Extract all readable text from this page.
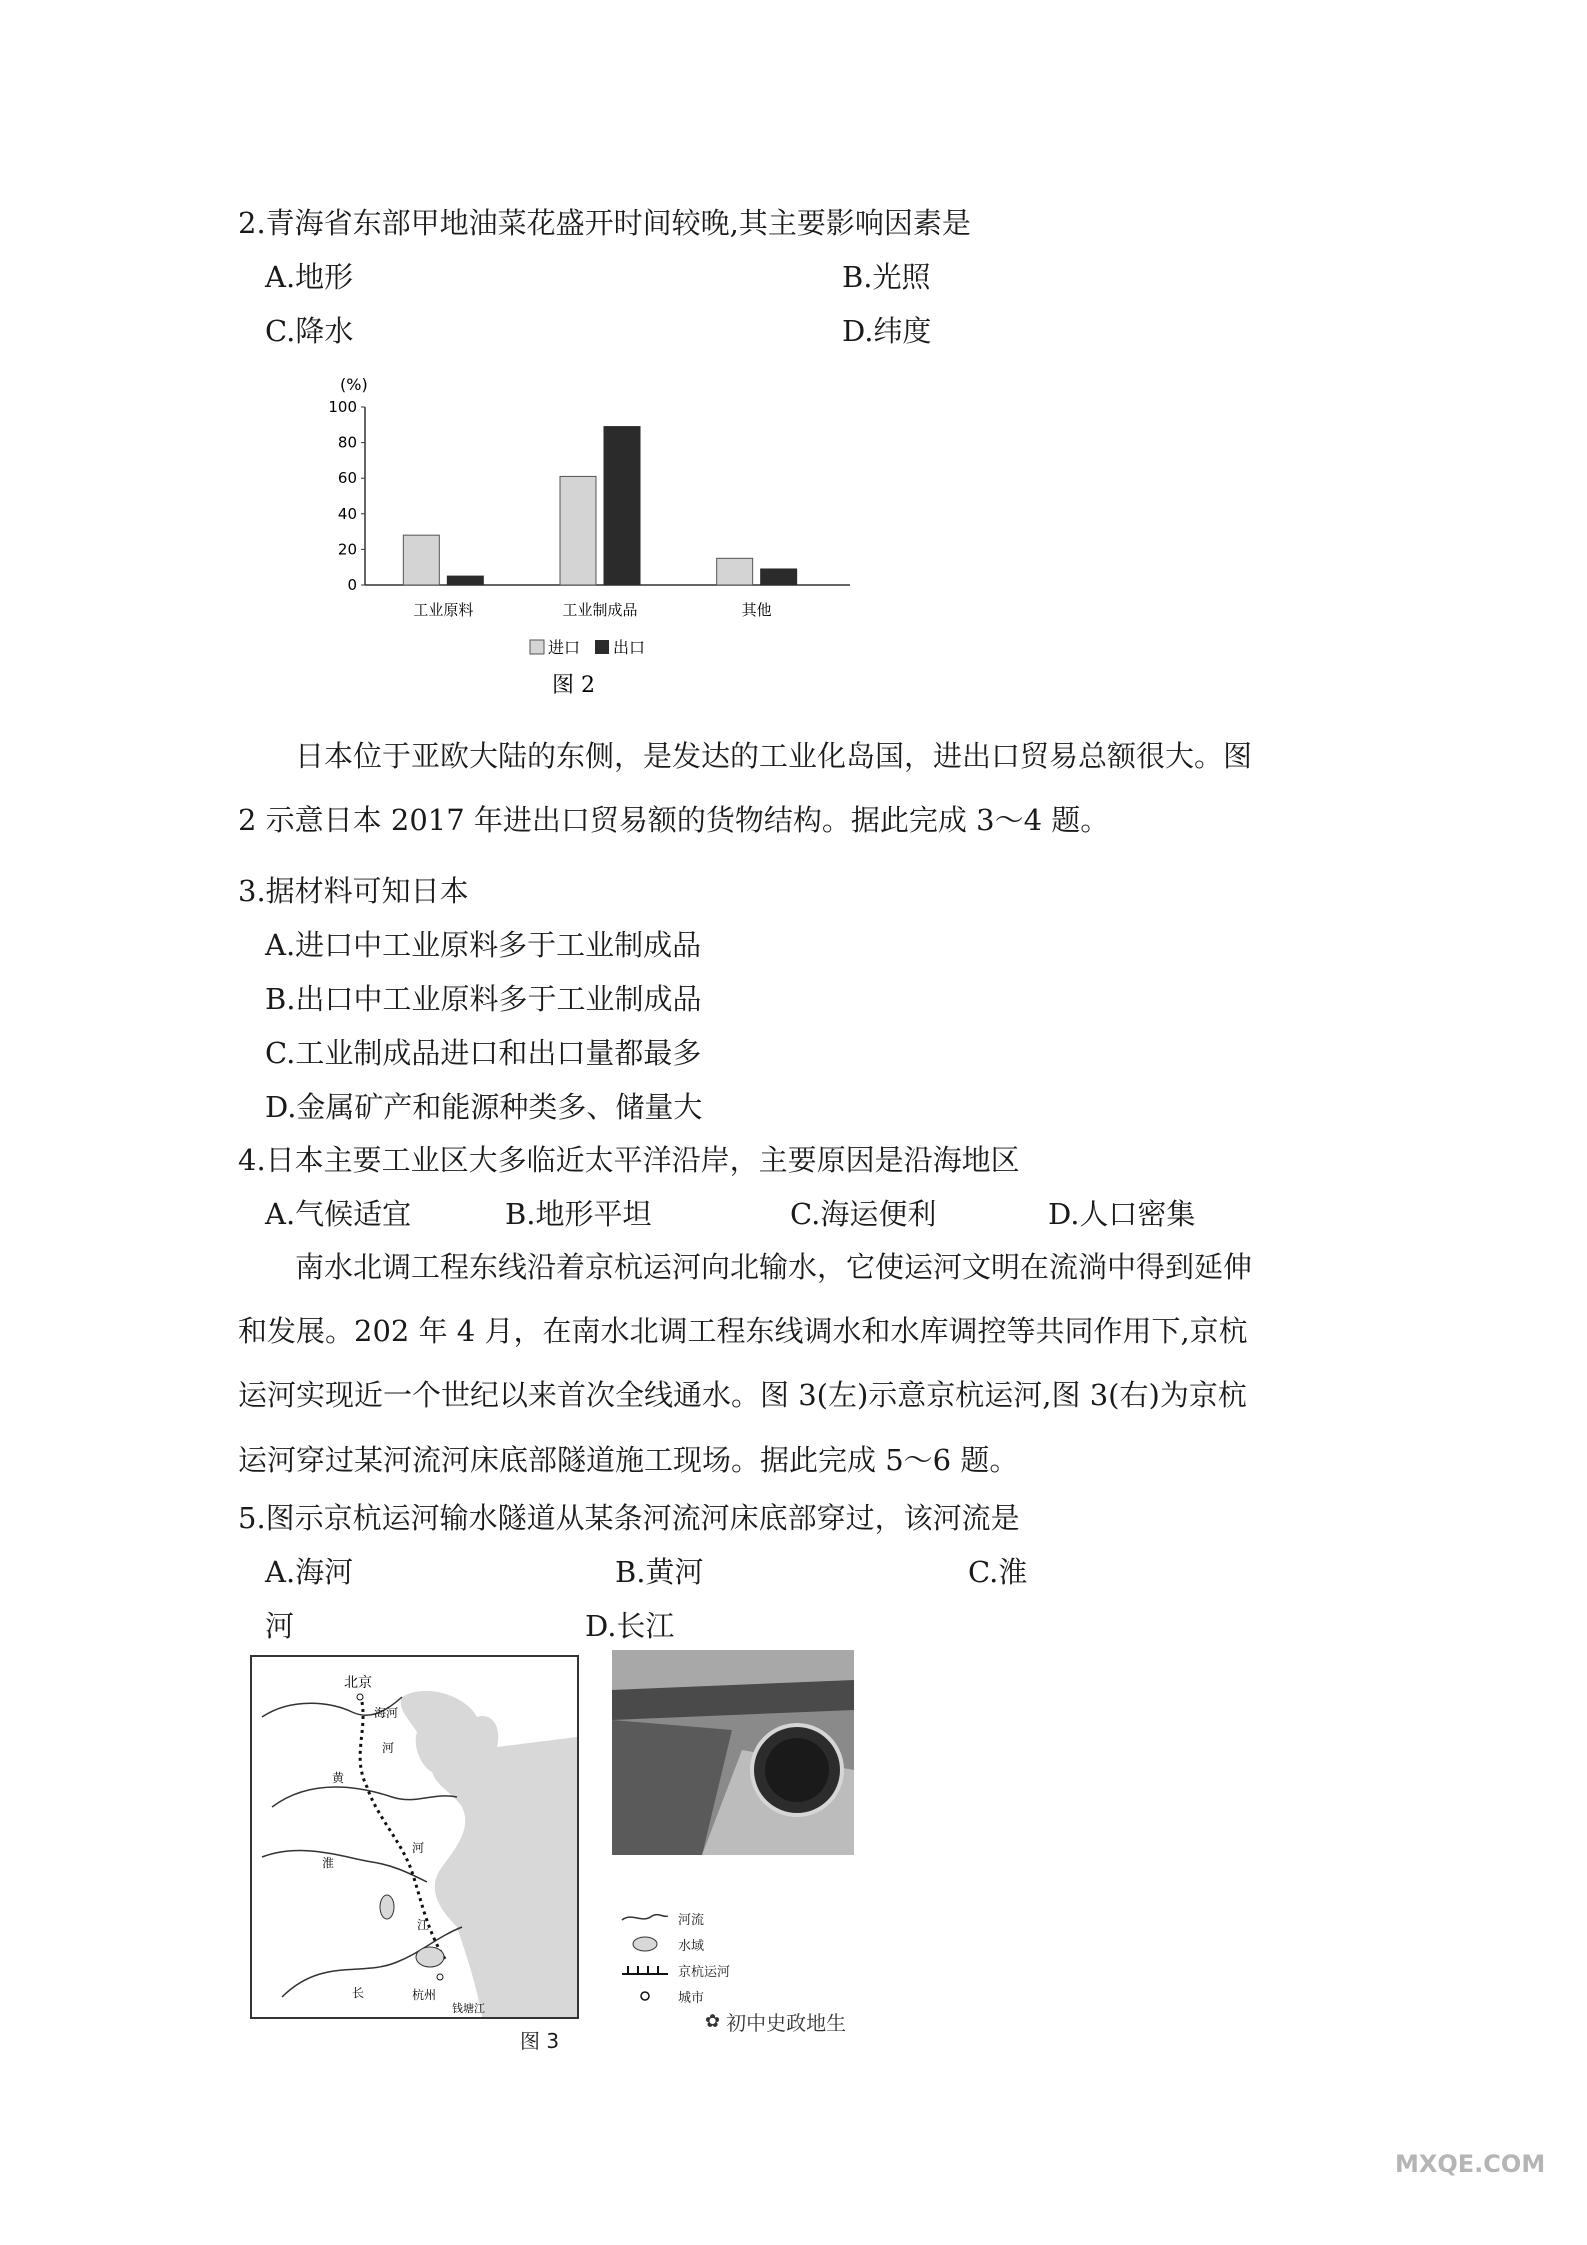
2.青海省东部甲地油菜花盛开时间较晚,其主要影响因素是
A.地形	B.光照
C.降水	D.纬度
(%)
0
20
40
60
80
100
工业原料	工业制成品	其他
进口 出口
图 2
日本位于亚欧大陆的东侧，是发达的工业化岛国，进出口贸易总额很大。图
2 示意日本 2017 年进出口贸易额的货物结构。据此完成 3～4 题。
3.据材料可知日本
A.进口中工业原料多于工业制成品
B.出口中工业原料多于工业制成品
C.工业制成品进口和出口量都最多
D.金属矿产和能源种类多、储量大
4.日本主要工业区大多临近太平洋沿岸，主要原因是沿海地区
A.气候适宜	B.地形平坦	C.海运便利	D.人口密集
南水北调工程东线沿着京杭运河向北输水，它使运河文明在流淌中得到延伸
和发展。202 年 4 月，在南水北调工程东线调水和水库调控等共同作用下,京杭
运河实现近一个世纪以来首次全线通水。图 3(左)示意京杭运河,图 3(右)为京杭
运河穿过某河流河床底部隧道施工现场。据此完成 5～6 题。
5.图示京杭运河输水隧道从某条河流河床底部穿过，该河流是
A.海河	B.黄河	C.淮
河	D.长江
北京
海河
河
黄
淮
河
江
长	杭州
钱塘江
河流
水域
京杭运河
城市
图 3
✿ 初中史政地生
MXQE.COM
